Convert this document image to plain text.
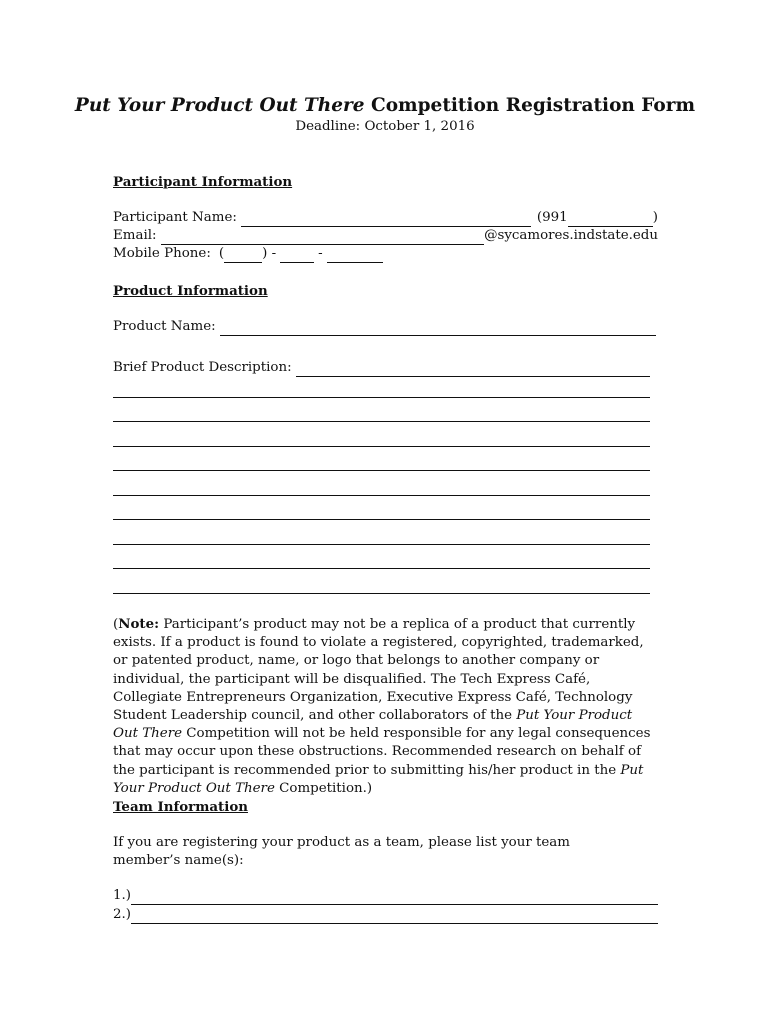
Put Your Product Out There Competition Registration Form
Deadline: October 1, 2016
Participant Information
Participant Name:	(991	)
Email:	@sycamores.indstate.edu
Mobile Phone: (	) -	-
Product Information
Product Name:
Brief Product Description:
(Note: Participant’s product may not be a replica of a product that currently exists. If a product is found to violate a registered, copyrighted, trademarked, or patented product, name, or logo that belongs to another company or individual, the participant will be disqualified. The Tech Express Café, Collegiate Entrepreneurs Organization, Executive Express Café, Technology Student Leadership council, and other collaborators of the Put Your Product Out There Competition will not be held responsible for any legal consequences that may occur upon these obstructions. Recommended research on behalf of the participant is recommended prior to submitting his/her product in the Put Your Product Out There Competition.)
Team Information
If you are registering your product as a team, please list your team member’s name(s):
1.)
2.)
